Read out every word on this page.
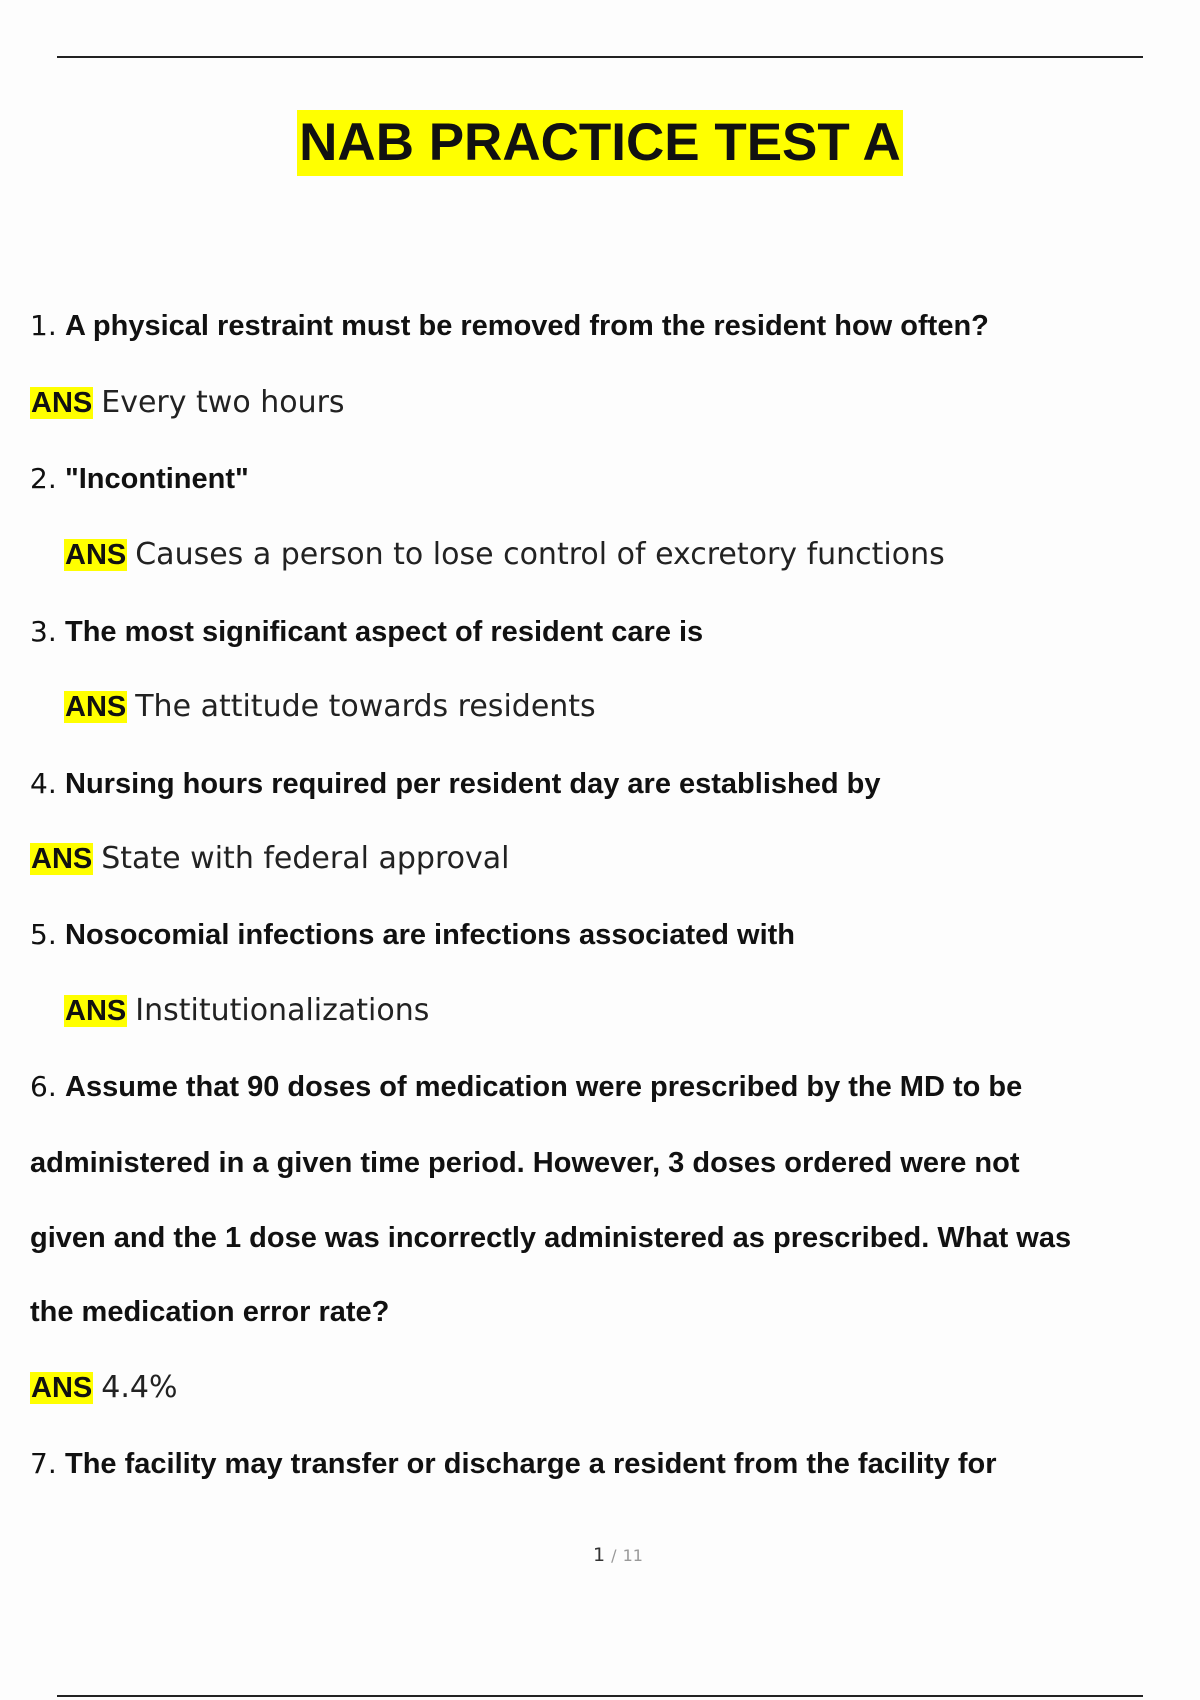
NAB PRACTICE TEST A
1. A physical restraint must be removed from the resident how often?
ANS Every two hours
2. "Incontinent"
ANS Causes a person to lose control of excretory functions
3. The most significant aspect of resident care is
ANS The attitude towards residents
4. Nursing hours required per resident day are established by
ANS State with federal approval
5. Nosocomial infections are infections associated with
ANS Institutionalizations
6. Assume that 90 doses of medication were prescribed by the MD to be
administered in a given time period. However, 3 doses ordered were not
given and the 1 dose was incorrectly administered as prescribed. What was
the medication error rate?
ANS 4.4%
7. The facility may transfer or discharge a resident from the facility for
1 / 11
